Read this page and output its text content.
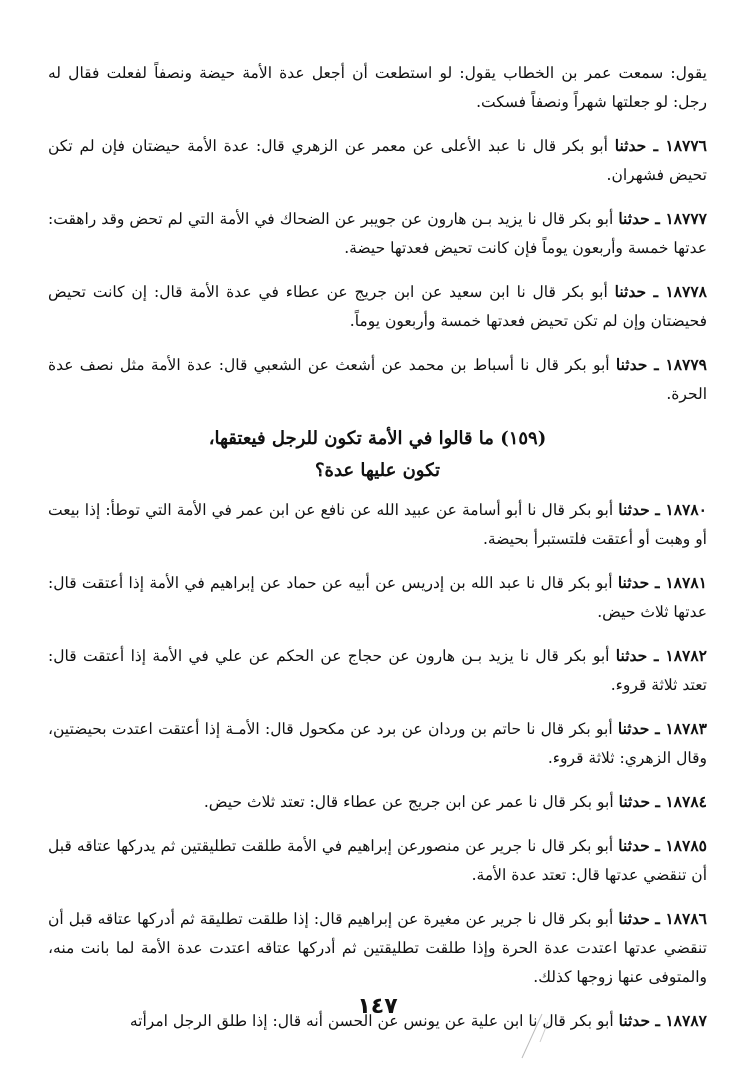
يقول: سمعت عمر بن الخطاب يقول: لو استطعت أن أجعل عدة الأمة حيضة ونصفاً لفعلت فقال له رجل: لو جعلتها شهراً ونصفاً فسكت.

١٨٧٧٦ ـ حدثنا أبو بكر قال نا عبد الأعلى عن معمر عن الزهري قال: عدة الأمة حيضتان فإن لم تكن تحيض فشهران.

١٨٧٧٧ ـ حدثنا أبو بكر قال نا يزيد بـن هارون عن جويبر عن الضحاك في الأمة التي لم تحض وقد راهقت: عدتها خمسة وأربعون يوماً فإن كانت تحيض فعدتها حيضة.

١٨٧٧٨ ـ حدثنا أبو بكر قال نا ابن سعيد عن ابن جريج عن عطاء في عدة الأمة قال: إن كانت تحيض فحيضتان وإن لم تكن تحيض فعدتها خمسة وأربعون يوماً.

١٨٧٧٩ ـ حدثنا أبو بكر قال نا أسباط بن محمد عن أشعث عن الشعبي قال: عدة الأمة مثل نصف عدة الحرة.

(١٥٩) ما قالوا في الأمة تكون للرجل فيعتقها،
تكون عليها عدة؟

١٨٧٨٠ ـ حدثنا أبو بكر قال نا أبو أسامة عن عبيد الله عن نافع عن ابن عمر في الأمة التي توطأ: إذا بيعت أو وهبت أو أعتقت فلتستبرأ بحيضة.

١٨٧٨١ ـ حدثنا أبو بكر قال نا عبد الله بن إدريس عن أبيه عن حماد عن إبراهيم في الأمة إذا أعتقت قال: عدتها ثلاث حيض.

١٨٧٨٢ ـ حدثنا أبو بكر قال نا يزيد بـن هارون عن حجاج عن الحكم عن علي في الأمة إذا أعتقت قال: تعتد ثلاثة قروء.

١٨٧٨٣ ـ حدثنا أبو بكر قال نا حاتم بن وردان عن برد عن مكحول قال: الأمـة إذا أعتقت اعتدت بحيضتين، وقال الزهري: ثلاثة قروء.

١٨٧٨٤ ـ حدثنا أبو بكر قال نا عمر عن ابن جريج عن عطاء قال: تعتد ثلاث حيض.

١٨٧٨٥ ـ حدثنا أبو بكر قال نا جرير عن منصورعن إبراهيم في الأمة طلقت تطليقتين ثم يدركها عتاقه قبل أن تنقضي عدتها قال: تعتد عدة الأمة.

١٨٧٨٦ ـ حدثنا أبو بكر قال نا جرير عن مغيرة عن إبراهيم قال: إذا طلقت تطليقة ثم أدركها عتاقه قبل أن تنقضي عدتها اعتدت عدة الحرة وإذا طلقت تطليقتين ثم أدركها عتاقه اعتدت عدة الأمة لما بانت منه، والمتوفى عنها زوجها كذلك.

١٨٧٨٧ ـ حدثنا أبو بكر قال نا ابن علية عن يونس عن الحسن أنه قال: إذا طلق الرجل امرأته

١٤٧
